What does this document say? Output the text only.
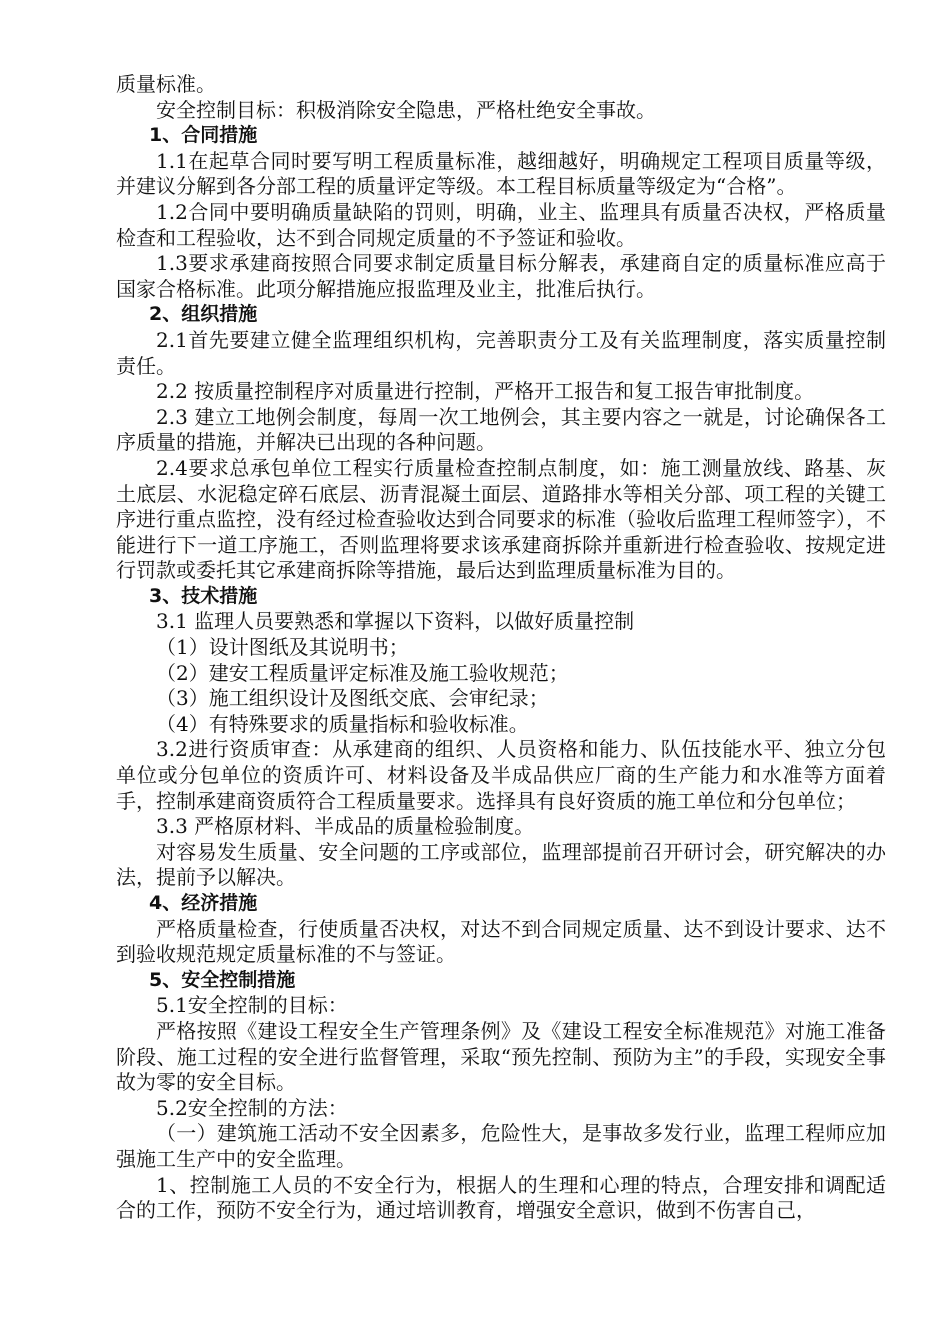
质量标准。
安全控制目标：积极消除安全隐患，严格杜绝安全事故。
1、合同措施
1.1在起草合同时要写明工程质量标准，越细越好，明确规定工程项目质量等级，并建议分解到各分部工程的质量评定等级。本工程目标质量等级定为“合格”。
1.2合同中要明确质量缺陷的罚则，明确，业主、监理具有质量否决权，严格质量检查和工程验收，达不到合同规定质量的不予签证和验收。
1.3要求承建商按照合同要求制定质量目标分解表，承建商自定的质量标准应高于国家合格标准。此项分解措施应报监理及业主，批准后执行。
2、组织措施
2.1首先要建立健全监理组织机构，完善职责分工及有关监理制度，落实质量控制责任。
2.2 按质量控制程序对质量进行控制，严格开工报告和复工报告审批制度。
2.3 建立工地例会制度，每周一次工地例会，其主要内容之一就是，讨论确保各工序质量的措施，并解决已出现的各种问题。
2.4要求总承包单位工程实行质量检查控制点制度，如：施工测量放线、路基、灰土底层、水泥稳定碎石底层、沥青混凝土面层、道路排水等相关分部、项工程的关键工序进行重点监控，没有经过检查验收达到合同要求的标准（验收后监理工程师签字），不能进行下一道工序施工，否则监理将要求该承建商拆除并重新进行检查验收、按规定进行罚款或委托其它承建商拆除等措施，最后达到监理质量标准为目的。
3、技术措施
3.1 监理人员要熟悉和掌握以下资料，以做好质量控制
（1）设计图纸及其说明书；
（2）建安工程质量评定标准及施工验收规范；
（3）施工组织设计及图纸交底、会审纪录；
（4）有特殊要求的质量指标和验收标准。
3.2进行资质审查：从承建商的组织、人员资格和能力、队伍技能水平、独立分包单位或分包单位的资质许可、材料设备及半成品供应厂商的生产能力和水准等方面着手，控制承建商资质符合工程质量要求。选择具有良好资质的施工单位和分包单位；
3.3 严格原材料、半成品的质量检验制度。
对容易发生质量、安全问题的工序或部位，监理部提前召开研讨会，研究解决的办法，提前予以解决。
4、经济措施
严格质量检查，行使质量否决权，对达不到合同规定质量、达不到设计要求、达不到验收规范规定质量标准的不与签证。
5、安全控制措施
5.1安全控制的目标：
严格按照《建设工程安全生产管理条例》及《建设工程安全标准规范》对施工准备阶段、施工过程的安全进行监督管理，采取“预先控制、预防为主”的手段，实现安全事故为零的安全目标。
5.2安全控制的方法：
（一）建筑施工活动不安全因素多，危险性大，是事故多发行业，监理工程师应加强施工生产中的安全监理。
1、控制施工人员的不安全行为，根据人的生理和心理的特点，合理安排和调配适合的工作，预防不安全行为，通过培训教育，增强安全意识，做到不伤害自己，
